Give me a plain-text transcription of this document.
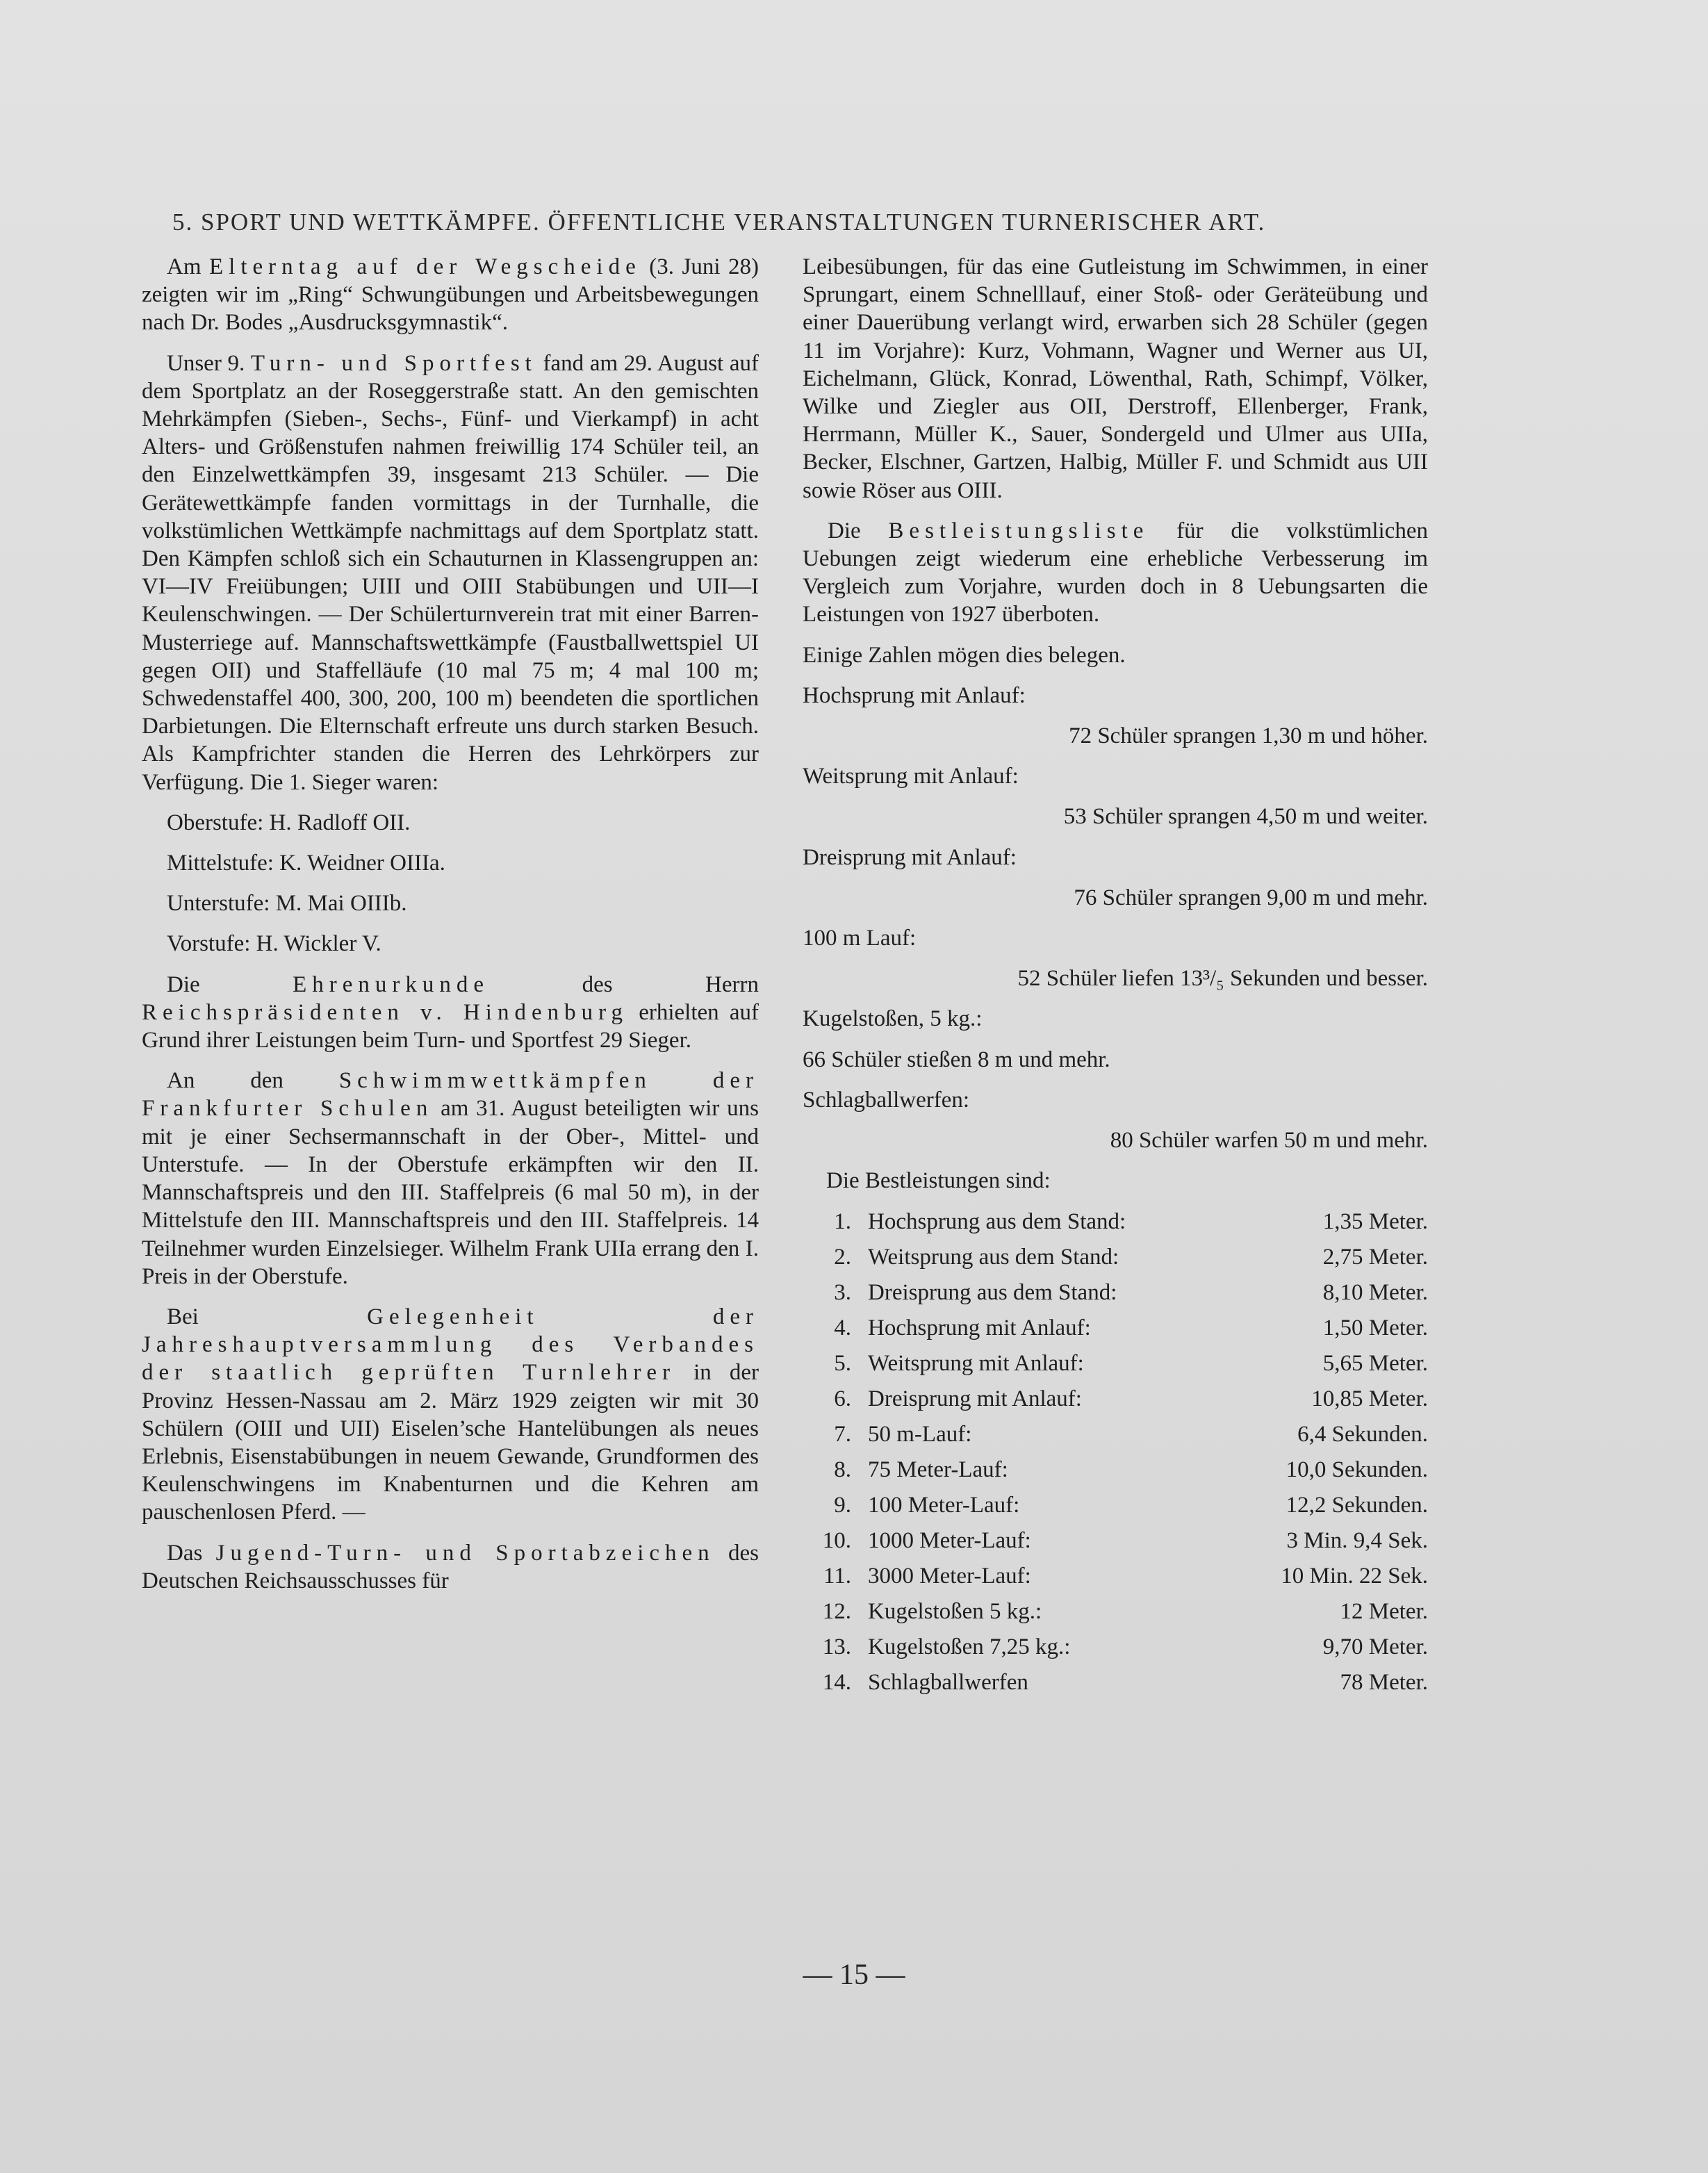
5. SPORT UND WETTKÄMPFE. ÖFFENTLICHE VERANSTALTUNGEN TURNERISCHER ART.

Am Elterntag auf der Wegscheide (3. Juni 28) zeigten wir im „Ring“ Schwungübungen und Arbeitsbewegungen nach Dr. Bodes „Ausdrucksgymnastik“.

Unser 9. Turn- und Sportfest fand am 29. August auf dem Sportplatz an der Roseggerstraße statt. An den gemischten Mehrkämpfen (Sieben-, Sechs-, Fünf- und Vierkampf) in acht Alters- und Größenstufen nahmen freiwillig 174 Schüler teil, an den Einzelwettkämpfen 39, insgesamt 213 Schüler. — Die Gerätewettkämpfe fanden vormittags in der Turnhalle, die volkstümlichen Wettkämpfe nachmittags auf dem Sportplatz statt. Den Kämpfen schloß sich ein Schauturnen in Klassengruppen an: VI—IV Freiübungen; UIII und OIII Stabübungen und UII—I Keulenschwingen. — Der Schülerturnverein trat mit einer Barren-Musterriege auf. Mannschaftswettkämpfe (Faustballwettspiel UI gegen OII) und Staffelläufe (10 mal 75 m; 4 mal 100 m; Schwedenstaffel 400, 300, 200, 100 m) beendeten die sportlichen Darbietungen. Die Elternschaft erfreute uns durch starken Besuch. Als Kampfrichter standen die Herren des Lehrkörpers zur Verfügung. Die 1. Sieger waren:

Oberstufe: H. Radloff OII.

Mittelstufe: K. Weidner OIIIa.

Unterstufe: M. Mai OIIIb.

Vorstufe: H. Wickler V.

Die Ehrenurkunde des Herrn Reichspräsidenten v. Hindenburg erhielten auf Grund ihrer Leistungen beim Turn- und Sportfest 29 Sieger.

An den Schwimmwettkämpfen der Frankfurter Schulen am 31. August beteiligten wir uns mit je einer Sechsermannschaft in der Ober-, Mittel- und Unterstufe. — In der Oberstufe erkämpften wir den II. Mannschaftspreis und den III. Staffelpreis (6 mal 50 m), in der Mittelstufe den III. Mannschaftspreis und den III. Staffelpreis. 14 Teilnehmer wurden Einzelsieger. Wilhelm Frank UIIa errang den I. Preis in der Oberstufe.

Bei Gelegenheit der Jahreshauptversammlung des Verbandes der staatlich geprüften Turnlehrer in der Provinz Hessen-Nassau am 2. März 1929 zeigten wir mit 30 Schülern (OIII und UII) Eiselen’sche Hantelübungen als neues Erlebnis, Eisenstabübungen in neuem Gewande, Grundformen des Keulenschwingens im Knabenturnen und die Kehren am pauschenlosen Pferd. —

Das Jugend-Turn- und Sportabzeichen des Deutschen Reichsausschusses für

Leibesübungen, für das eine Gutleistung im Schwimmen, in einer Sprungart, einem Schnelllauf, einer Stoß- oder Geräteübung und einer Dauerübung verlangt wird, erwarben sich 28 Schüler (gegen 11 im Vorjahre): Kurz, Vohmann, Wagner und Werner aus UI, Eichelmann, Glück, Konrad, Löwenthal, Rath, Schimpf, Völker, Wilke und Ziegler aus OII, Derstroff, Ellenberger, Frank, Herrmann, Müller K., Sauer, Sondergeld und Ulmer aus UIIa, Becker, Elschner, Gartzen, Halbig, Müller F. und Schmidt aus UII sowie Röser aus OIII.

Die Bestleistungsliste für die volkstümlichen Uebungen zeigt wiederum eine erhebliche Verbesserung im Vergleich zum Vorjahre, wurden doch in 8 Uebungsarten die Leistungen von 1927 überboten.

Einige Zahlen mögen dies belegen.

Hochsprung mit Anlauf:

72 Schüler sprangen 1,30 m und höher.

Weitsprung mit Anlauf:

53 Schüler sprangen 4,50 m und weiter.

Dreisprung mit Anlauf:

76 Schüler sprangen 9,00 m und mehr.

100 m Lauf:

52 Schüler liefen 13³/₅ Sekunden und besser.

Kugelstoßen, 5 kg.:

66 Schüler stießen 8 m und mehr.

Schlagballwerfen:

80 Schüler warfen 50 m und mehr.

Die Bestleistungen sind:

1. Hochsprung aus dem Stand:	1,35 Meter.
2. Weitsprung aus dem Stand:	2,75 Meter.
3. Dreisprung aus dem Stand:	8,10 Meter.
4. Hochsprung mit Anlauf:	1,50 Meter.
5. Weitsprung mit Anlauf:	5,65 Meter.
6. Dreisprung mit Anlauf:	10,85 Meter.
7. 50 m-Lauf:	6,4 Sekunden.
8. 75 Meter-Lauf:	10,0 Sekunden.
9. 100 Meter-Lauf:	12,2 Sekunden.
10. 1000 Meter-Lauf:	3 Min. 9,4 Sek.
11. 3000 Meter-Lauf:	10 Min. 22 Sek.
12. Kugelstoßen 5 kg.:	12 Meter.
13. Kugelstoßen 7,25 kg.:	9,70 Meter.
14. Schlagballwerfen	78 Meter.
— 15 —
